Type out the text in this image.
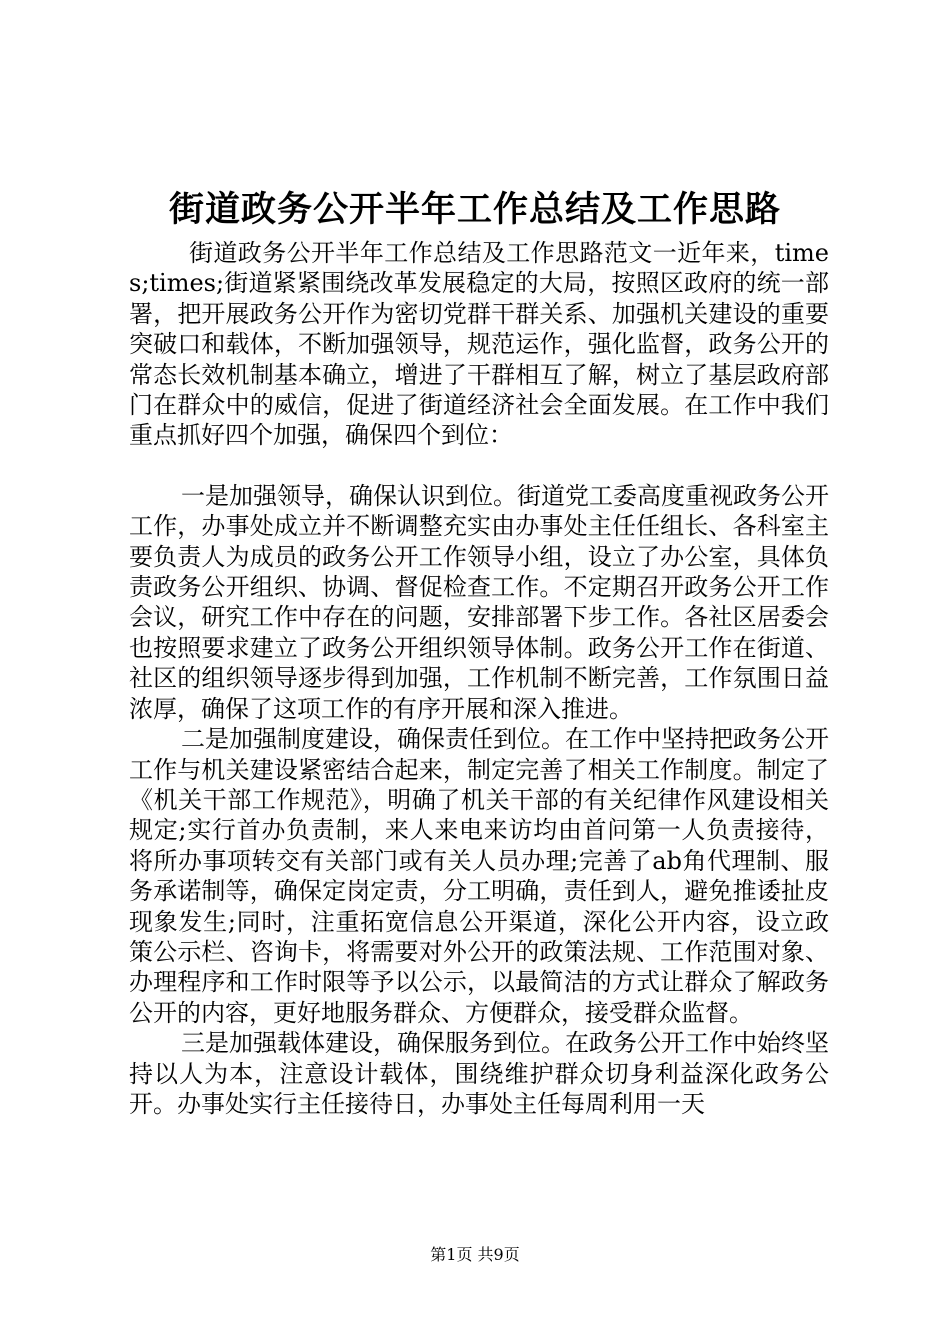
街道政务公开半年工作总结及工作思路

街道政务公开半年工作总结及工作思路范文一近年来，times;times;街道紧紧围绕改革发展稳定的大局，按照区政府的统一部署，把开展政务公开作为密切党群干群关系、加强机关建设的重要突破口和载体，不断加强领导，规范运作，强化监督，政务公开的常态长效机制基本确立，增进了干群相互了解，树立了基层政府部门在群众中的威信，促进了街道经济社会全面发展。在工作中我们重点抓好四个加强，确保四个到位：

一是加强领导，确保认识到位。街道党工委高度重视政务公开工作，办事处成立并不断调整充实由办事处主任任组长、各科室主要负责人为成员的政务公开工作领导小组，设立了办公室，具体负责政务公开组织、协调、督促检查工作。不定期召开政务公开工作会议，研究工作中存在的问题，安排部署下步工作。各社区居委会也按照要求建立了政务公开组织领导体制。政务公开工作在街道、社区的组织领导逐步得到加强，工作机制不断完善，工作氛围日益浓厚，确保了这项工作的有序开展和深入推进。

二是加强制度建设，确保责任到位。在工作中坚持把政务公开工作与机关建设紧密结合起来，制定完善了相关工作制度。制定了《机关干部工作规范》，明确了机关干部的有关纪律作风建设相关规定;实行首办负责制，来人来电来访均由首问第一人负责接待，将所办事项转交有关部门或有关人员办理;完善了ab角代理制、服务承诺制等，确保定岗定责，分工明确，责任到人，避免推诿扯皮现象发生;同时，注重拓宽信息公开渠道，深化公开内容，设立政策公示栏、咨询卡，将需要对外公开的政策法规、工作范围对象、办理程序和工作时限等予以公示，以最简洁的方式让群众了解政务公开的内容，更好地服务群众、方便群众，接受群众监督。

三是加强载体建设，确保服务到位。在政务公开工作中始终坚持以人为本，注意设计载体，围绕维护群众切身利益深化政务公开。办事处实行主任接待日，办事处主任每周利用一天

第1页 共9页
